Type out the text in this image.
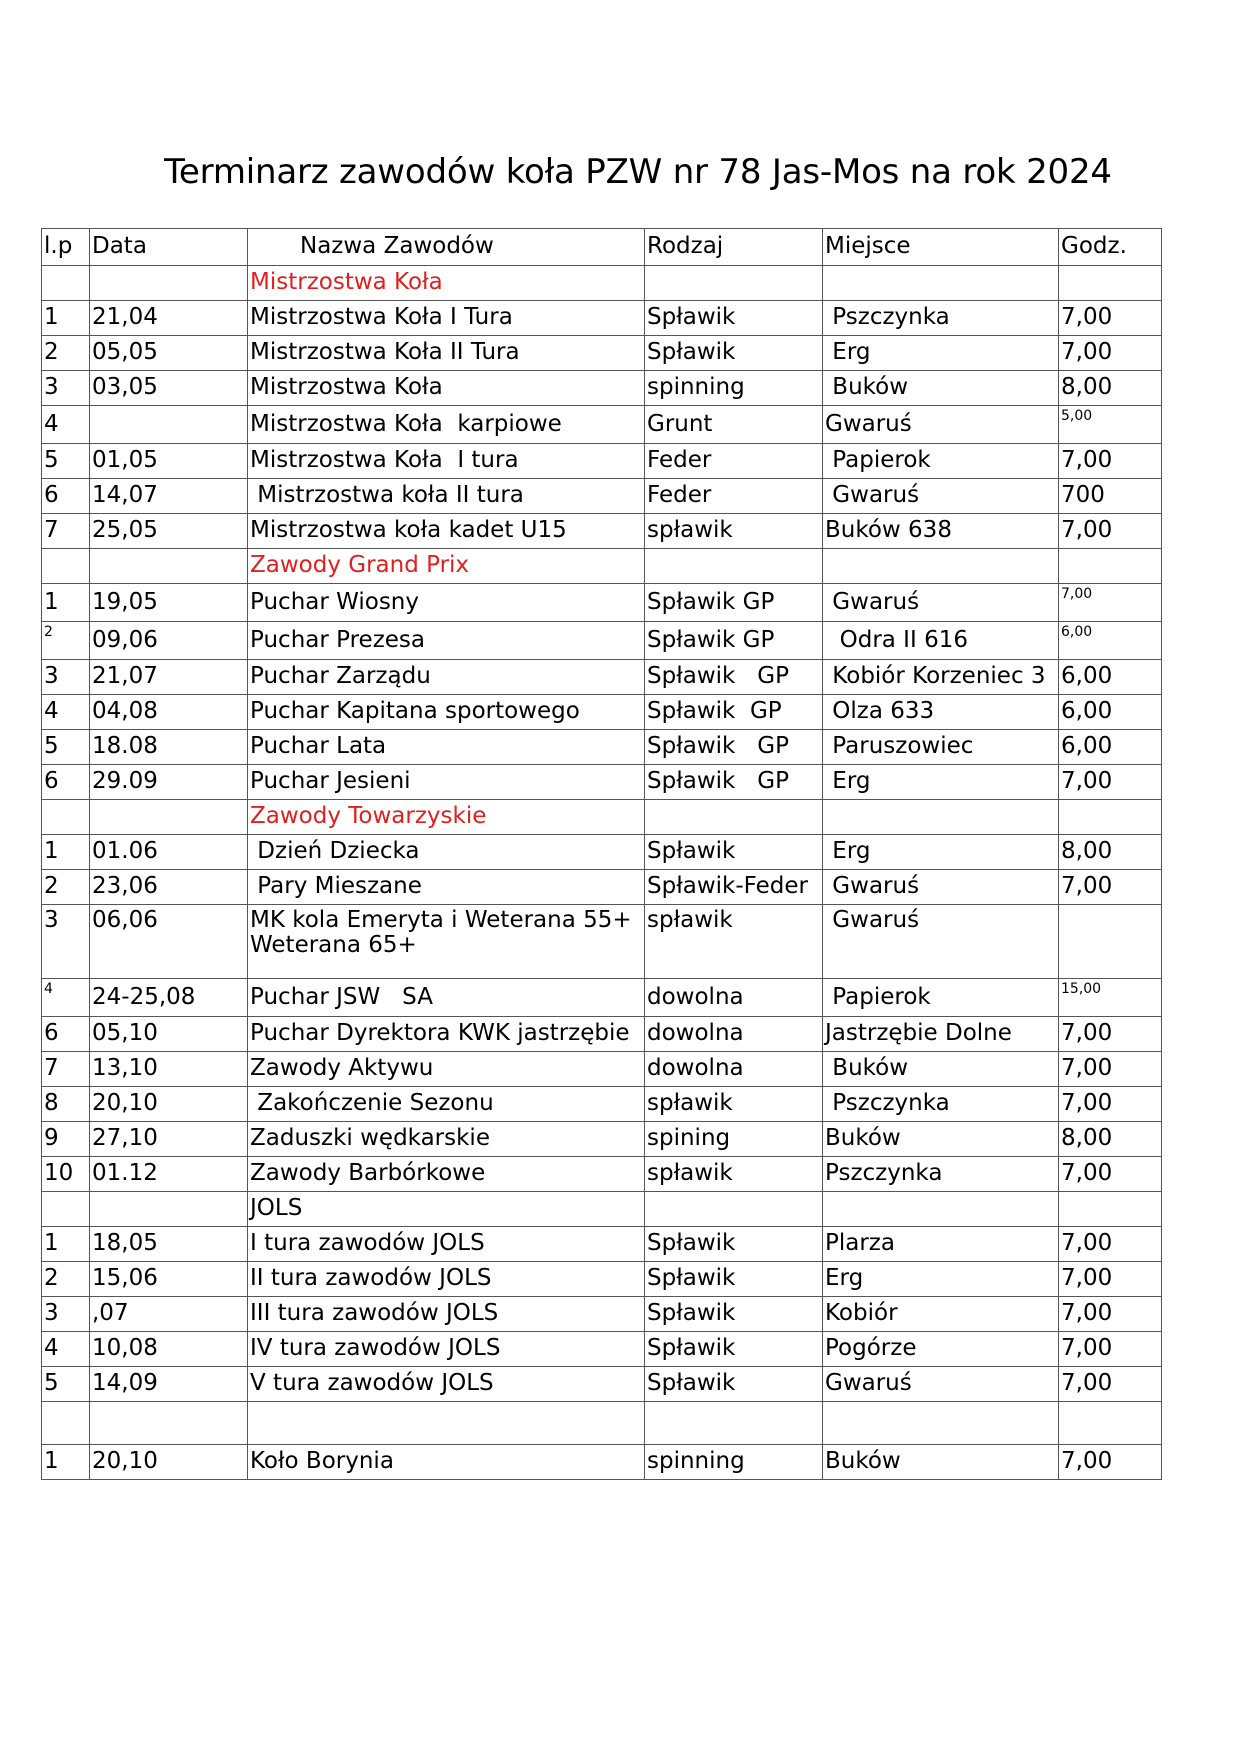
Terminarz zawodów koła PZW nr 78 Jas-Mos na rok 2024
l.p	Data	Nazwa Zawodów	Rodzaj	Miejsce	Godz.
		Mistrzostwa Koła			
1	21,04	Mistrzostwa Koła I Tura	Spławik	Pszczynka	7,00
2	05,05	Mistrzostwa Koła II Tura	Spławik	Erg	7,00
3	03,05	Mistrzostwa Koła	spinning	Buków	8,00
4		Mistrzostwa Koła  karpiowe	Grunt	Gwaruś	5,00
5	01,05	Mistrzostwa Koła  I tura	Feder	Papierok	7,00
6	14,07	Mistrzostwa koła II tura	Feder	Gwaruś	700
7	25,05	Mistrzostwa koła kadet U15	spławik	Buków 638	7,00
		Zawody Grand Prix			
1	19,05	Puchar Wiosny	Spławik GP	Gwaruś	7,00
2	09,06	Puchar Prezesa	Spławik GP	Odra II 616	6,00
3	21,07	Puchar Zarządu	Spławik   GP	Kobiór Korzeniec 3	6,00
4	04,08	Puchar Kapitana sportowego	Spławik  GP	Olza 633	6,00
5	18.08	Puchar Lata	Spławik   GP	Paruszowiec	6,00
6	29.09	Puchar Jesieni	Spławik   GP	Erg	7,00
		Zawody Towarzyskie			
1	01.06	Dzień Dziecka	Spławik	Erg	8,00
2	23,06	Pary Mieszane	Spławik-Feder	Gwaruś	7,00
3	06,06	MK kola Emeryta i Weterana 55+ Weterana 65+	spławik	Gwaruś	
4	24-25,08	Puchar JSW   SA	dowolna	Papierok	15,00
6	05,10	Puchar Dyrektora KWK jastrzębie	dowolna	Jastrzębie Dolne	7,00
7	13,10	Zawody Aktywu	dowolna	Buków	7,00
8	20,10	Zakończenie Sezonu	spławik	Pszczynka	7,00
9	27,10	Zaduszki wędkarskie	spining	Buków	8,00
10	01.12	Zawody Barbórkowe	spławik	Pszczynka	7,00
		JOLS			
1	18,05	I tura zawodów JOLS	Spławik	Plarza	7,00
2	15,06	II tura zawodów JOLS	Spławik	Erg	7,00
3	,07	III tura zawodów JOLS	Spławik	Kobiór	7,00
4	10,08	IV tura zawodów JOLS	Spławik	Pogórze	7,00
5	14,09	V tura zawodów JOLS	Spławik	Gwaruś	7,00

1	20,10	Koło Borynia	spinning	Buków	7,00
